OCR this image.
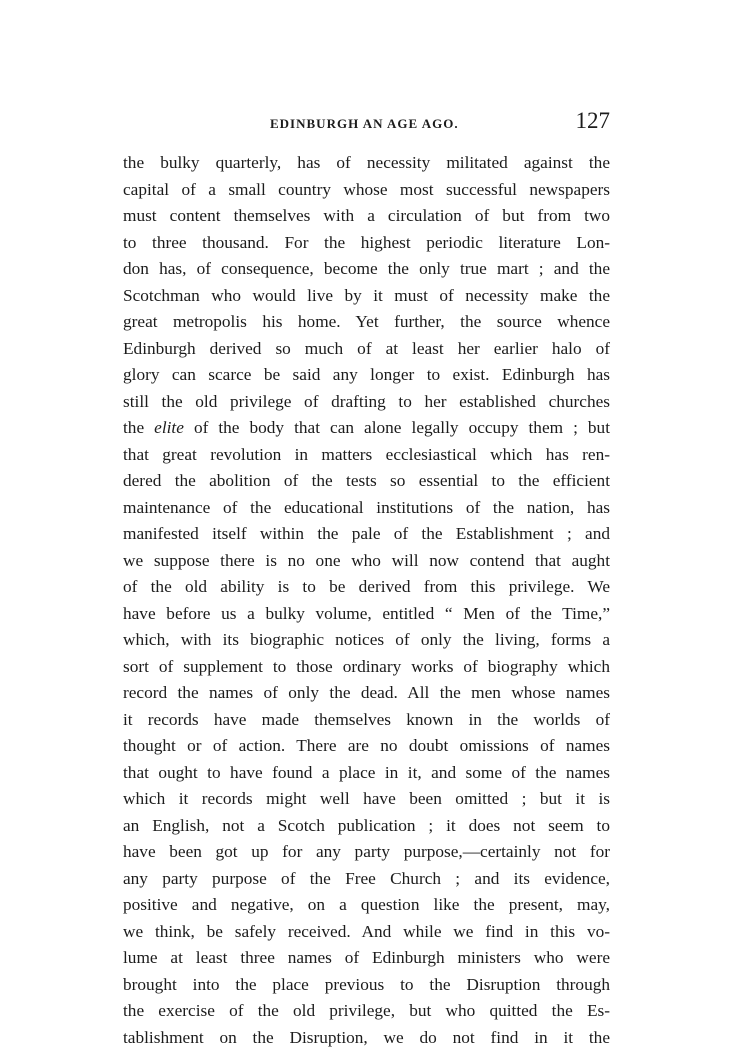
EDINBURGH AN AGE AGO.	127
the bulky quarterly, has of necessity militated against the
capital of a small country whose most successful newspapers
must content themselves with a circulation of but from two
to three thousand. For the highest periodic literature Lon-
don has, of consequence, become the only true mart ; and the
Scotchman who would live by it must of necessity make the
great metropolis his home. Yet further, the source whence
Edinburgh derived so much of at least her earlier halo of
glory can scarce be said any longer to exist. Edinburgh has
still the old privilege of drafting to her established churches
the elite of the body that can alone legally occupy them ; but
that great revolution in matters ecclesiastical which has ren-
dered the abolition of the tests so essential to the efficient
maintenance of the educational institutions of the nation, has
manifested itself within the pale of the Establishment ; and
we suppose there is no one who will now contend that aught
of the old ability is to be derived from this privilege. We
have before us a bulky volume, entitled “ Men of the Time,”
which, with its biographic notices of only the living, forms a
sort of supplement to those ordinary works of biography which
record the names of only the dead. All the men whose names
it records have made themselves known in the worlds of
thought or of action. There are no doubt omissions of names
that ought to have found a place in it, and some of the names
which it records might well have been omitted ; but it is
an English, not a Scotch publication ; it does not seem to
have been got up for any party purpose,—certainly not for
any party purpose of the Free Church ; and its evidence,
positive and negative, on a question like the present, may,
we think, be safely received. And while we find in this vo-
lume at least three names of Edinburgh ministers who were
brought into the place previous to the Disruption through
the exercise of the old privilege, but who quitted the Es-
tablishment on the Disruption, we do not find in it the
